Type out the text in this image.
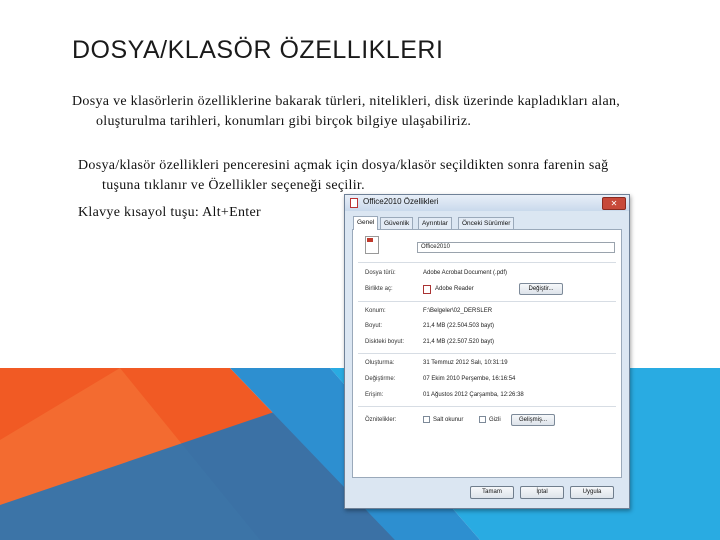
DOSYA/KLASÖR ÖZELLIKLERI
Dosya ve klasörlerin özelliklerine bakarak türleri, nitelikleri, disk üzerinde kapladıkları alan, oluşturulma tarihleri, konumları gibi birçok bilgiye ulaşabiliriz.
Dosya/klasör özellikleri penceresini açmak için dosya/klasör seçildikten sonra farenin sağ tuşuna tıklanır ve Özellikler seçeneği seçilir.
Klavye kısayol tuşu: Alt+Enter
Office2010 Özellikleri	✕
Genel	Güvenlik	Ayrıntılar	Önceki Sürümler
Office2010
Dosya türü:	Adobe Acrobat Document (.pdf)
Birlikte aç:	Adobe Reader	Değiştir...
Konum:	F:\Belgeler\02_DERSLER
Boyut:	21,4 MB (22.504.503 bayt)
Diskteki boyut:	21,4 MB (22.507.520 bayt)
Oluşturma:	31 Temmuz 2012 Salı, 10:31:19
Değiştirme:	07 Ekim 2010 Perşembe, 16:16:54
Erişim:	01 Ağustos 2012 Çarşamba, 12:26:38
Öznitelikler:	Salt okunur	Gizli	Gelişmiş...
Tamam	İptal	Uygula
